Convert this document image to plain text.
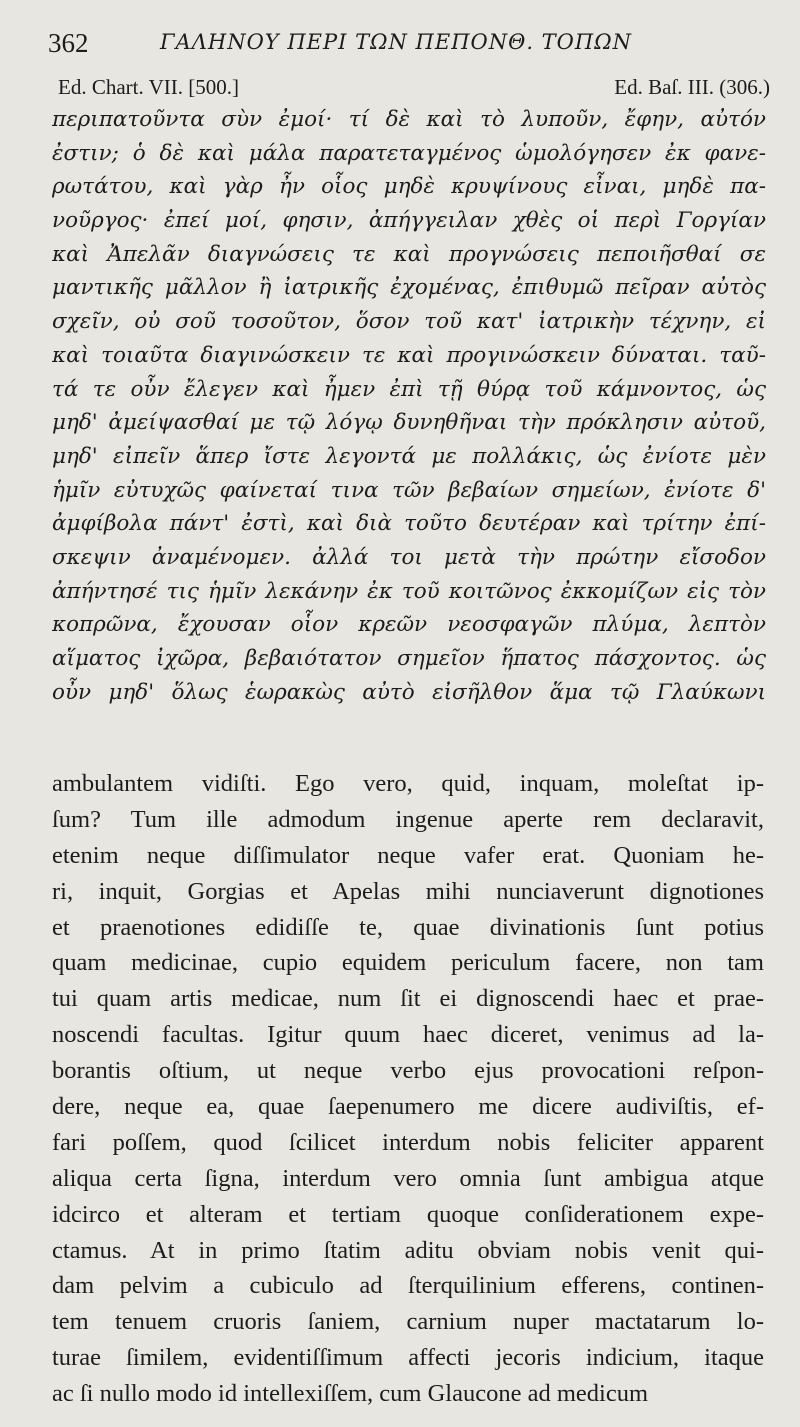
362	ΓΑΛΗΝΟΥ ΠΕΡΙ ΤΩΝ ΠΕΠΟΝΘ. ΤΟΠΩΝ
Ed. Chart. VII. [500.]	Ed. Baſ. III. (306.)
περιπατοῦντα σὺν ἐμοί· τί δὲ καὶ τὸ λυποῦν, ἔφην, αὐτόν
ἐστιν; ὁ δὲ καὶ μάλα παρατεταγμένος ὡμολόγησεν ἐκ φανε-
ρωτάτου, καὶ γὰρ ἦν οἷος μηδὲ κρυψίνους εἶναι, μηδὲ πα-
νοῦργος· ἐπεί μοί, φησιν, ἀπήγγειλαν χθὲς οἱ περὶ Γοργίαν
καὶ Ἀπελᾶν διαγνώσεις τε καὶ προγνώσεις πεποιῆσθαί σε
μαντικῆς μᾶλλον ἢ ἰατρικῆς ἐχομένας, ἐπιθυμῶ πεῖραν αὐτὸς
σχεῖν, οὐ σοῦ τοσοῦτον, ὅσον τοῦ κατ' ἰατρικὴν τέχνην, εἰ
καὶ τοιαῦτα διαγινώσκειν τε καὶ προγινώσκειν δύναται. ταῦ-
τά τε οὖν ἔλεγεν καὶ ἦμεν ἐπὶ τῇ θύρᾳ τοῦ κάμνοντος, ὡς
μηδ' ἀμείψασθαί με τῷ λόγῳ δυνηθῆναι τὴν πρόκλησιν αὐτοῦ,
μηδ' εἰπεῖν ἅπερ ἴστε λεγοντά με πολλάκις, ὡς ἐνίοτε μὲν
ἡμῖν εὐτυχῶς φαίνεταί τινα τῶν βεβαίων σημείων, ἐνίοτε δ'
ἀμφίβολα πάντ' ἐστὶ, καὶ διὰ τοῦτο δευτέραν καὶ τρίτην ἐπί-
σκεψιν ἀναμένομεν. ἀλλά τοι μετὰ τὴν πρώτην εἴσοδον
ἀπήντησέ τις ἡμῖν λεκάνην ἐκ τοῦ κοιτῶνος ἐκκομίζων εἰς τὸν
κοπρῶνα, ἔχουσαν οἷον κρεῶν νεοσφαγῶν πλύμα, λεπτὸν
αἵματος ἰχῶρα, βεβαιότατον σημεῖον ἥπατος πάσχοντος. ὡς
οὖν μηδ' ὅλως ἑωρακὼς αὐτὸ εἰσῆλθον ἅμα τῷ Γλαύκωνι
ambulantem vidiſti. Ego vero, quid, inquam, moleſtat ip-
ſum? Tum ille admodum ingenue aperte rem declaravit,
etenim neque diſſimulator neque vafer erat. Quoniam he-
ri, inquit, Gorgias et Apelas mihi nunciaverunt dignotiones
et praenotiones edidiſſe te, quae divinationis ſunt potius
quam medicinae, cupio equidem periculum facere, non tam
tui quam artis medicae, num ſit ei dignoscendi haec et prae-
noscendi facultas. Igitur quum haec diceret, venimus ad la-
borantis oſtium, ut neque verbo ejus provocationi reſpon-
dere, neque ea, quae ſaepenumero me dicere audiviſtis, ef-
fari poſſem, quod ſcilicet interdum nobis feliciter apparent
aliqua certa ſigna, interdum vero omnia ſunt ambigua atque
idcirco et alteram et tertiam quoque conſiderationem expe-
ctamus. At in primo ſtatim aditu obviam nobis venit qui-
dam pelvim a cubiculo ad ſterquilinium efferens, continen-
tem tenuem cruoris ſaniem, carnium nuper mactatarum lo-
turae ſimilem, evidentiſſimum affecti jecoris indicium, itaque
ac ſi nullo modo id intellexiſſem, cum Glaucone ad medicum
